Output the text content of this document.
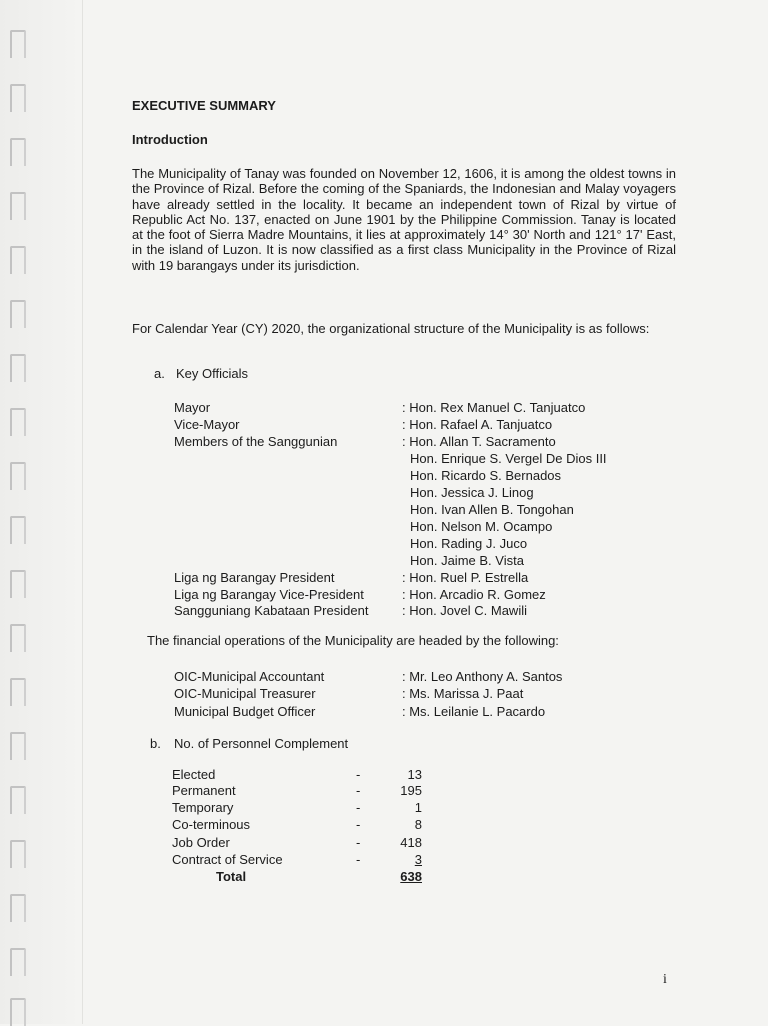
EXECUTIVE SUMMARY
Introduction
The Municipality of Tanay was founded on November 12, 1606, it is among the oldest towns in the Province of Rizal. Before the coming of the Spaniards, the Indonesian and Malay voyagers have already settled in the locality. It became an independent town of Rizal by virtue of Republic Act No. 137, enacted on June 1901 by the Philippine Commission. Tanay is located at the foot of Sierra Madre Mountains, it lies at approximately 14° 30' North and 121° 17' East, in the island of Luzon. It is now classified as a first class Municipality in the Province of Rizal with 19 barangays under its jurisdiction.
For Calendar Year (CY) 2020, the organizational structure of the Municipality is as follows:
a. Key Officials
Mayor	: Hon. Rex Manuel C. Tanjuatco
Vice-Mayor	: Hon. Rafael A. Tanjuatco
Members of the Sanggunian	: Hon. Allan T. Sacramento
Hon. Enrique S. Vergel De Dios III
Hon. Ricardo S. Bernados
Hon. Jessica J. Linog
Hon. Ivan Allen B. Tongohan
Hon. Nelson M. Ocampo
Hon. Rading J. Juco
Hon. Jaime B. Vista
Liga ng Barangay President	: Hon. Ruel P. Estrella
Liga ng Barangay Vice-President	: Hon. Arcadio R. Gomez
Sangguniang Kabataan President	: Hon. Jovel C. Mawili
The financial operations of the Municipality are headed by the following:
OIC-Municipal Accountant	: Mr. Leo Anthony A. Santos
OIC-Municipal Treasurer	: Ms. Marissa J. Paat
Municipal Budget Officer	: Ms. Leilanie L. Pacardo
b. No. of Personnel Complement
Elected	-	13
Permanent	-	195
Temporary	-	1
Co-terminous	-	8
Job Order	-	418
Contract of Service	-	3
Total	638
i
